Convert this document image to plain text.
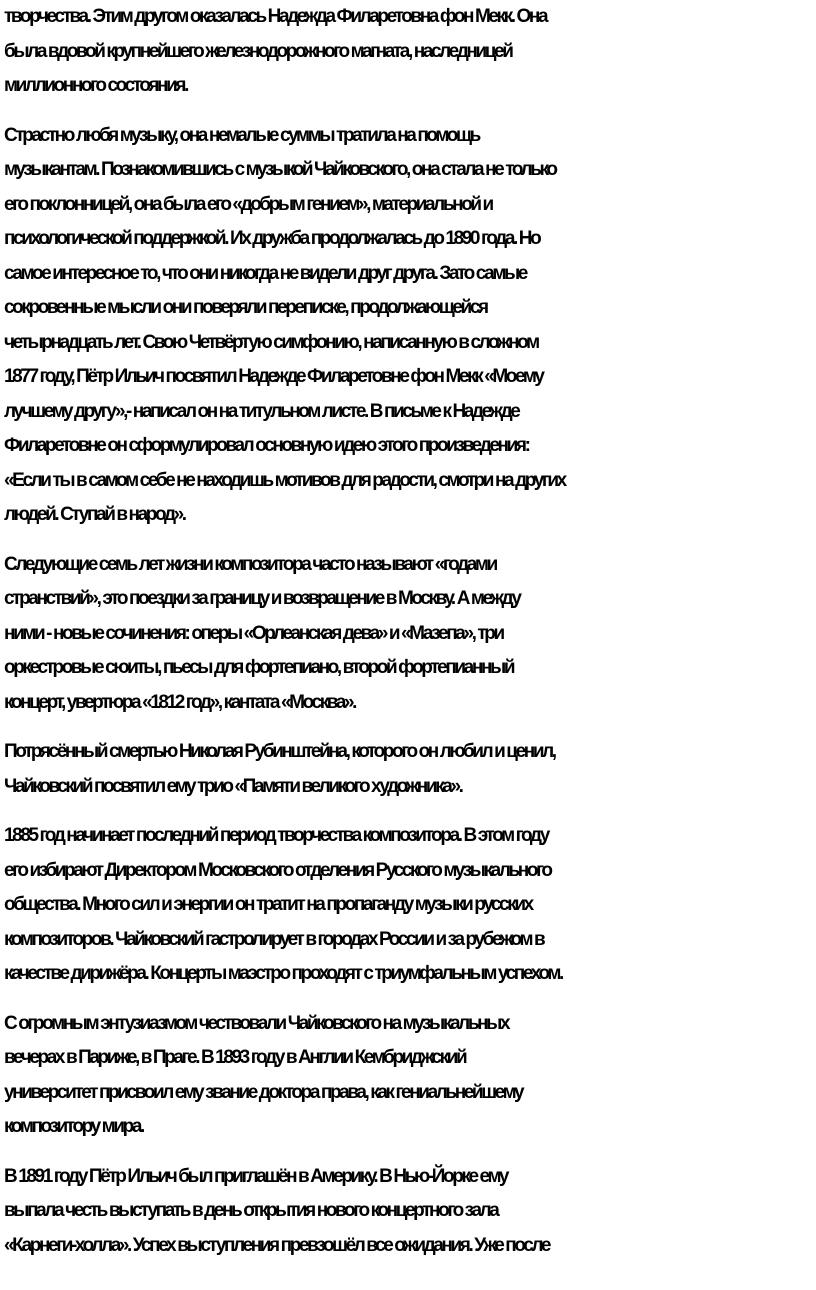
творчества. Этим другом оказалась Надежда Филаретовна фон Мекк. Она
была вдовой крупнейшего железнодорожного магната, наследницей
миллионного состояния.
Страстно любя музыку, она немалые суммы тратила на помощь
музыкантам. Познакомившись с музыкой Чайковского, она стала не только
его поклонницей, она была его «добрым гением», материальной и
психологической поддержкой. Их дружба продолжалась до 1890 года. Но
самое интересное то, что они никогда не видели друг друга. Зато самые
сокровенные мысли они поверяли переписке, продолжающейся
четырнадцать лет. Свою Четвёртую симфонию, написанную в сложном
1877 году, Пётр Ильич посвятил Надежде Филаретовне фон Мекк «Моему
лучшему другу»,- написал он на титульном листе. В письме к Надежде
Филаретовне он сформулировал основную идею этого произведения:
«Если ты в самом себе не находишь мотивов для радости, смотри на других
людей. Ступай в народ».
Следующие семь лет жизни композитора часто называют «годами
странствий», это поездки за границу и возвращение в Москву. А между
ними - новые сочинения: оперы «Орлеанская дева» и «Мазепа», три
оркестровые сюиты, пьесы для фортепиано, второй фортепианный
концерт, увертюра «1812 год», кантата «Москва».
Потрясённый смертью Николая Рубинштейна, которого он любил и ценил,
Чайковский посвятил ему трио «Памяти великого художника».
1885 год начинает последний период творчества композитора. В этом году
его избирают Директором Московского отделения Русского музыкального
общества. Много сил и энергии он тратит на пропаганду музыки русских
композиторов. Чайковский гастролирует в городах России и за рубежом в
качестве дирижёра. Концерты маэстро проходят с триумфальным успехом.
С огромным энтузиазмом чествовали Чайковского на музыкальных
вечерах в Париже, в Праге. В 1893 году в Англии Кембриджский
университет присвоил ему звание доктора права, как гениальнейшему
композитору мира.
В 1891 году Пётр Ильич был приглашён в Америку. В Нью-Йорке ему
выпала честь выступать в день открытия нового концертного зала
«Карнеги-холла». Успех выступления превзошёл все ожидания. Уже после
